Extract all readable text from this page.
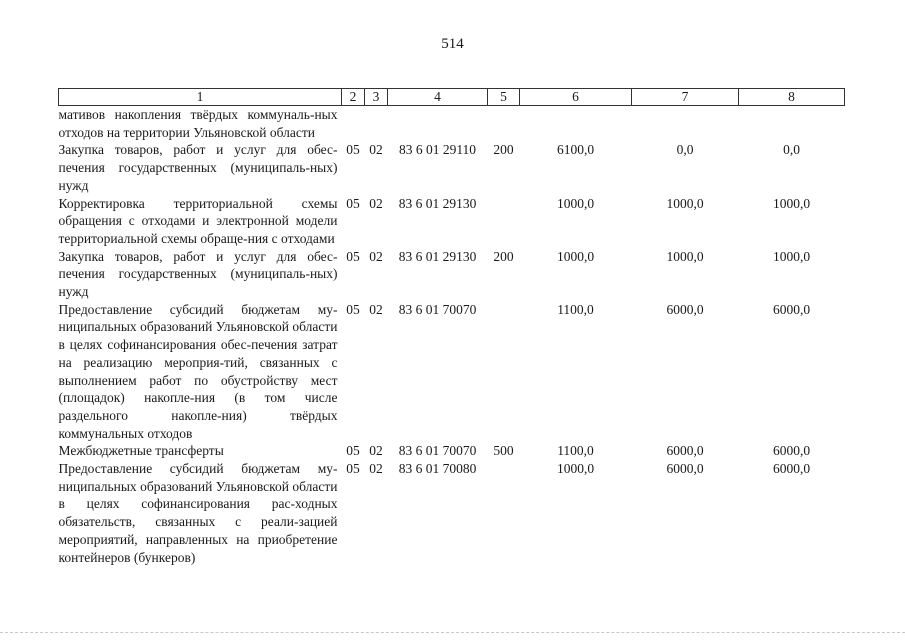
514
1	2	3	4	5	6	7	8
мативов накопления твёрдых коммуналь-ных отходов на территории Ульяновской области							
Закупка товаров, работ и услуг для обес-печения государственных (муниципаль-ных) нужд	05	02	83 6 01 29110	200	6100,0	0,0	0,0
Корректировка территориальной схемы обращения с отходами и электронной модели территориальной схемы обраще-ния с отходами	05	02	83 6 01 29130		1000,0	1000,0	1000,0
Закупка товаров, работ и услуг для обес-печения государственных (муниципаль-ных) нужд	05	02	83 6 01 29130	200	1000,0	1000,0	1000,0
Предоставление субсидий бюджетам му-ниципальных образований Ульяновской области в целях софинансирования обес-печения затрат на реализацию мероприя-тий, связанных с выполнением работ по обустройству мест (площадок) накопле-ния (в том числе раздельного накопле-ния) твёрдых коммунальных отходов	05	02	83 6 01 70070		1100,0	6000,0	6000,0
Межбюджетные трансферты	05	02	83 6 01 70070	500	1100,0	6000,0	6000,0
Предоставление субсидий бюджетам му-ниципальных образований Ульяновской области в целях софинансирования рас-ходных обязательств, связанных с реали-зацией мероприятий, направленных на приобретение контейнеров (бункеров)	05	02	83 6 01 70080		1000,0	6000,0	6000,0
